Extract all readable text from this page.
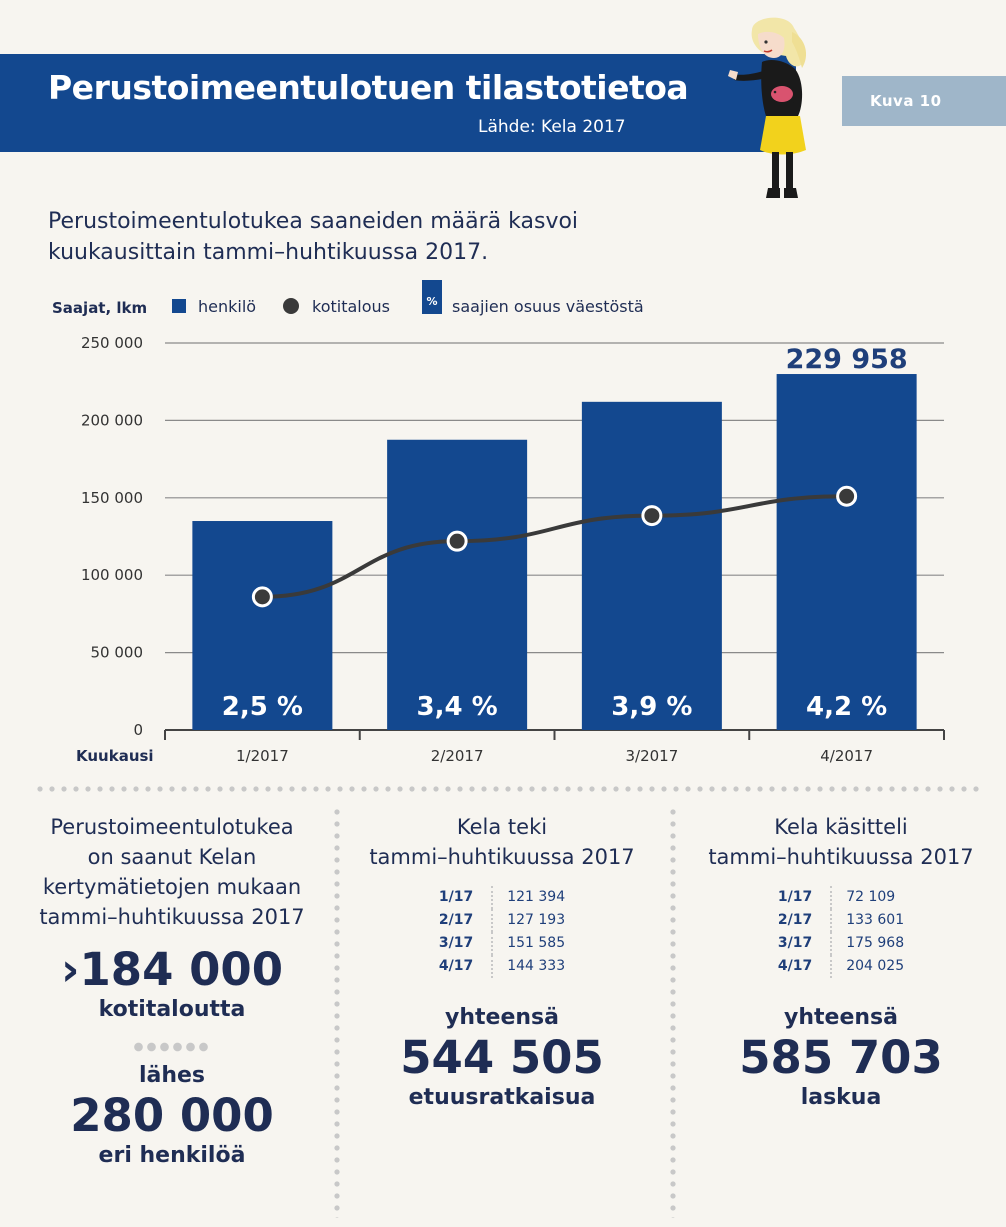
Perustoimeentulotuen tilastotietoa
Lähde: Kela 2017
Kuva 10
Perustoimeentulotukea saaneiden määrä kasvoi
kuukausittain tammi–huhtikuussa 2017.
Saajat, lkm	henkilö	kotitalous	% saajien osuus väestöstä
0
50 000
100 000
150 000
200 000
250 000
Kuukausi	1/2017
2,5 %
2/2017
3,4 %
3/2017
3,9 %
4/2017
4,2 %
229 958
Perustoimeentulotukea
on saanut Kelan
kertymätietojen mukaan
tammi–huhtikuussa 2017
›184 000
kotitaloutta
lähes
280 000
eri henkilöä
Kela teki
tammi–huhtikuussa 2017
1/17	121 394
2/17	127 193
3/17	151 585
4/17	144 333
yhteensä
544 505
etuusratkaisua
Kela käsitteli
tammi–huhtikuussa 2017
1/17	72 109
2/17	133 601
3/17	175 968
4/17	204 025
yhteensä
585 703
laskua
